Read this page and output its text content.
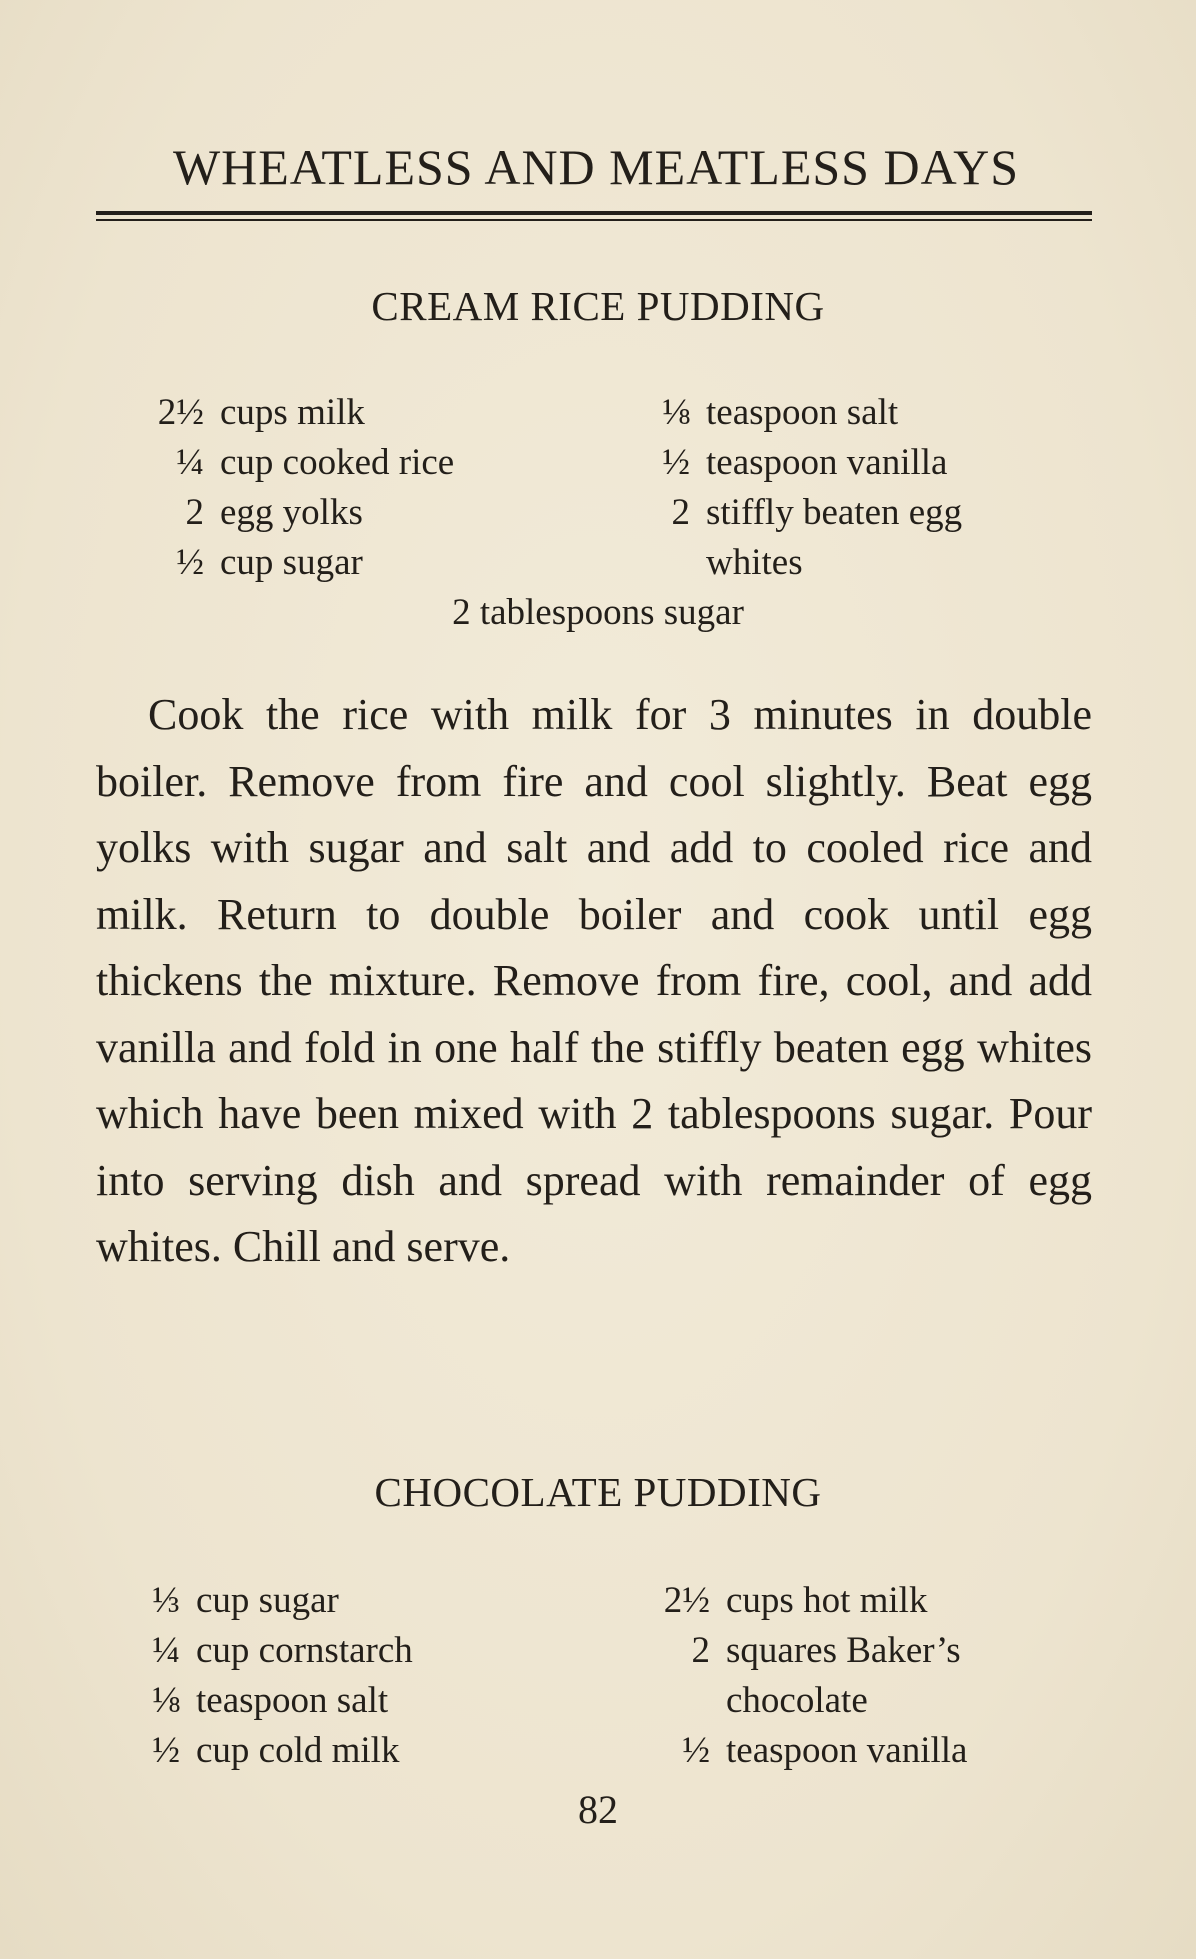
WHEATLESS AND MEATLESS DAYS
CREAM RICE PUDDING
2½ cups milk
¼ cup cooked rice
2 egg yolks
½ cup sugar
⅛ teaspoon salt
½ teaspoon vanilla
2 stiffly beaten egg
whites
2 tablespoons sugar

Cook the rice with milk for 3 minutes in double boiler. Remove from fire and cool slightly. Beat egg yolks with sugar and salt and add to cooled rice and milk. Return to double boiler and cook until egg thickens the mixture. Remove from fire, cool, and add vanilla and fold in one half the stiffly beaten egg whites which have been mixed with 2 tablespoons sugar. Pour into serving dish and spread with remainder of egg whites. Chill and serve.

CHOCOLATE PUDDING
⅓ cup sugar
¼ cup cornstarch
⅛ teaspoon salt
½ cup cold milk
2½ cups hot milk
2 squares Baker’s
chocolate
½ teaspoon vanilla
82
